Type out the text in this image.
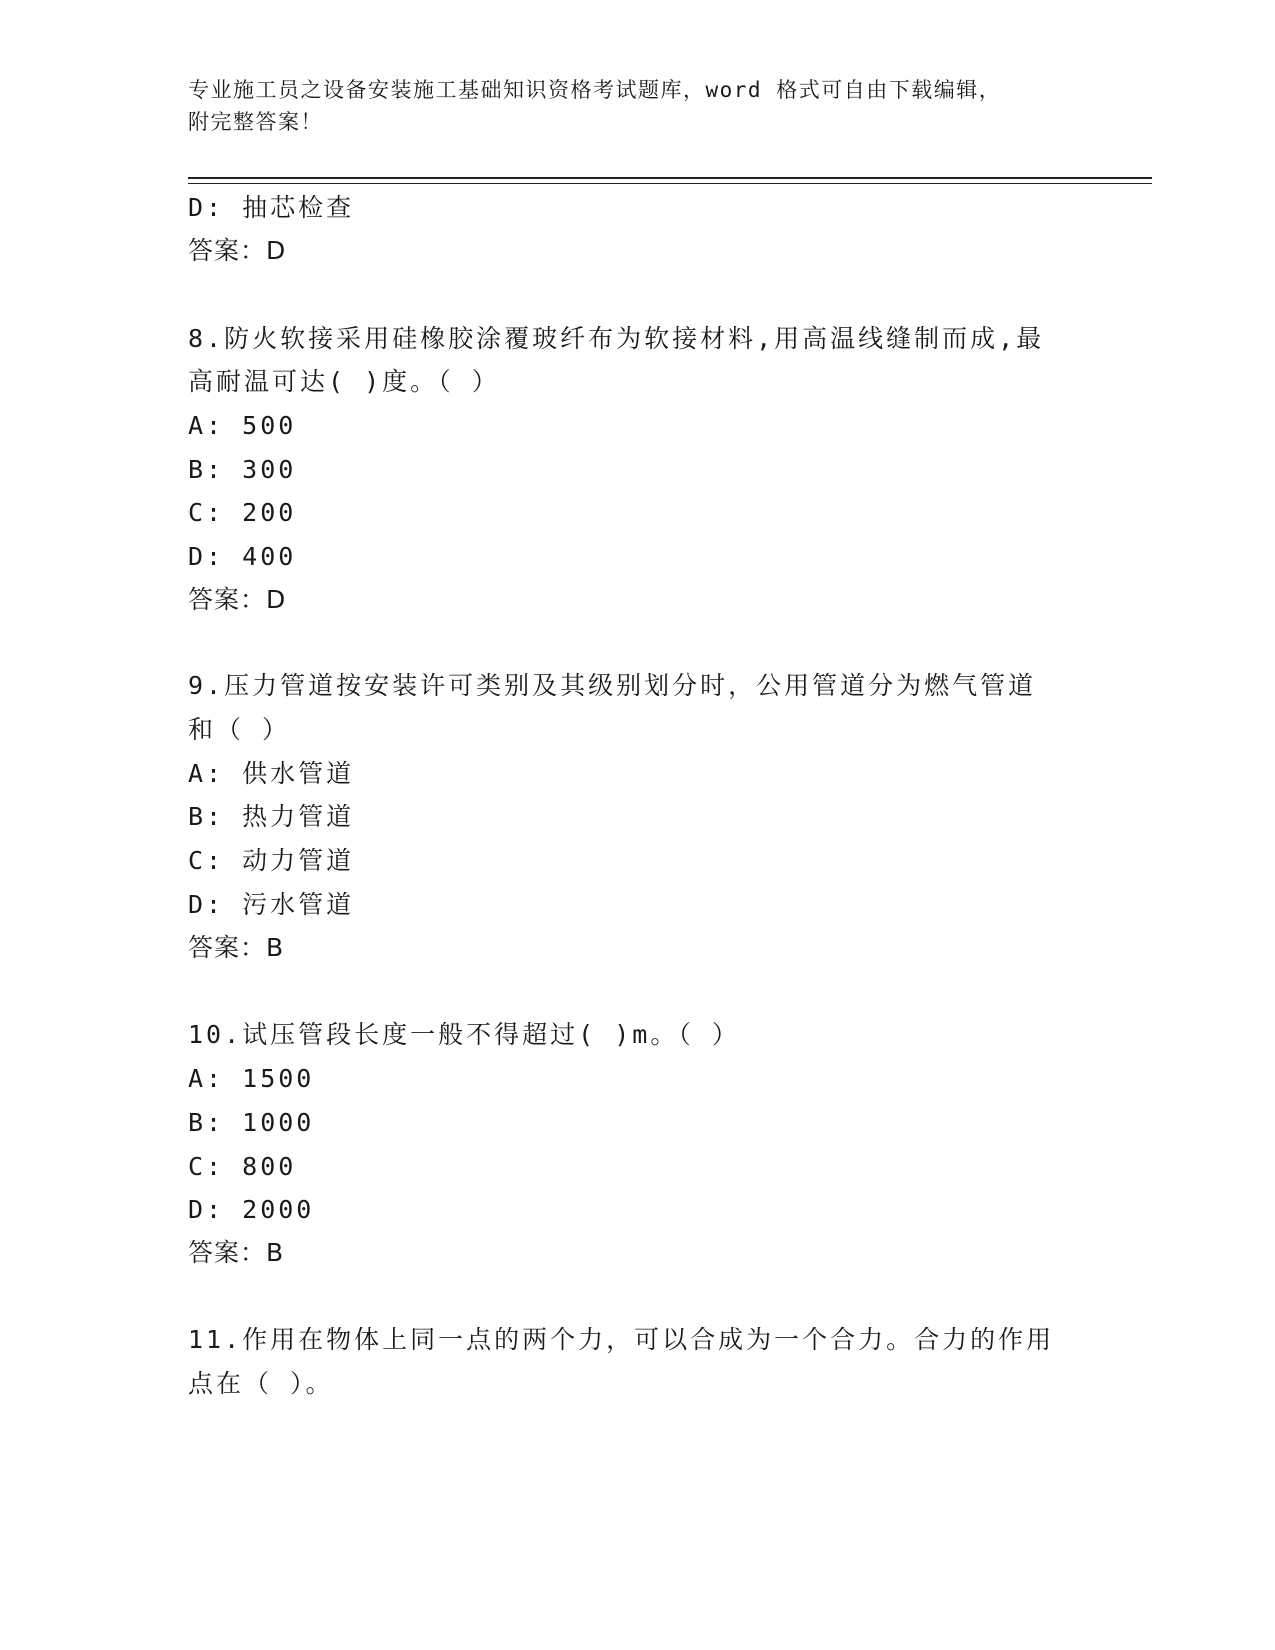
专业施工员之设备安装施工基础知识资格考试题库，word 格式可自由下载编辑，
附完整答案！
D: 抽芯检查
答案：D
8.防火软接采用硅橡胶涂覆玻纤布为软接材料,用高温线缝制而成,最
高耐温可达( )度。（ ）
A: 500
B: 300
C: 200
D: 400
答案：D
9.压力管道按安装许可类别及其级别划分时，公用管道分为燃气管道
和（ ）
A: 供水管道
B: 热力管道
C: 动力管道
D: 污水管道
答案：B
10.试压管段长度一般不得超过( )m。（ ）
A: 1500
B: 1000
C: 800
D: 2000
答案：B
11.作用在物体上同一点的两个力，可以合成为一个合力。合力的作用
点在（ ）。
